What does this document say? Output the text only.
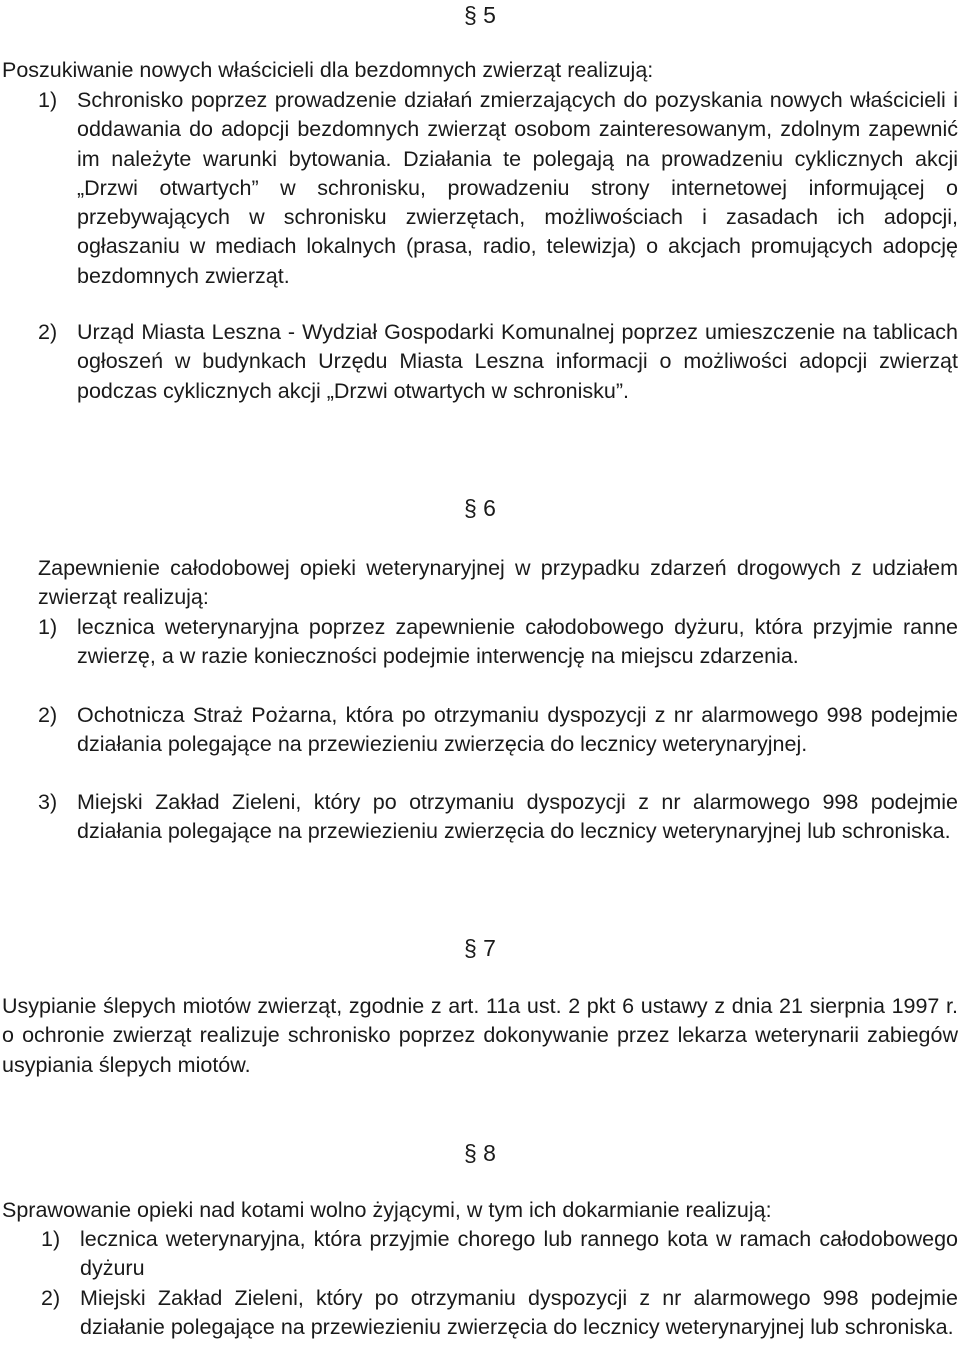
§ 5

Poszukiwanie nowych właścicieli dla bezdomnych zwierząt realizują:

1) Schronisko poprzez prowadzenie działań zmierzających do pozyskania nowych właścicieli i oddawania do adopcji bezdomnych zwierząt osobom zainteresowanym, zdolnym zapewnić im należyte warunki bytowania. Działania te polegają na prowadzeniu cyklicznych akcji „Drzwi otwartych” w schronisku, prowadzeniu strony internetowej informującej o przebywających w schronisku zwierzętach, możliwościach i zasadach ich adopcji, ogłaszaniu w mediach lokalnych (prasa, radio, telewizja) o akcjach promujących adopcję bezdomnych zwierząt.
2) Urząd Miasta Leszna - Wydział Gospodarki Komunalnej poprzez umieszczenie na tablicach ogłoszeń w budynkach Urzędu Miasta Leszna informacji o możliwości adopcji zwierząt podczas cyklicznych akcji „Drzwi otwartych w schronisku”.
§ 6

Zapewnienie całodobowej opieki weterynaryjnej w przypadku zdarzeń drogowych z udziałem zwierząt realizują:

1) lecznica weterynaryjna poprzez zapewnienie całodobowego dyżuru, która przyjmie ranne zwierzę, a w razie konieczności podejmie interwencję na miejscu zdarzenia.
2) Ochotnicza Straż Pożarna, która po otrzymaniu dyspozycji z nr alarmowego 998 podejmie działania polegające na przewiezieniu zwierzęcia do lecznicy weterynaryjnej.
3) Miejski Zakład Zieleni, który po otrzymaniu dyspozycji z nr alarmowego 998 podejmie działania polegające na przewiezieniu zwierzęcia do lecznicy weterynaryjnej lub schroniska.
§ 7

Usypianie ślepych miotów zwierząt, zgodnie z art. 11a ust. 2 pkt 6 ustawy z dnia 21 sierpnia 1997 r. o ochronie zwierząt realizuje schronisko poprzez dokonywanie przez lekarza weterynarii zabiegów usypiania ślepych miotów.

§ 8

Sprawowanie opieki nad kotami wolno żyjącymi, w tym ich dokarmianie realizują:

1) lecznica weterynaryjna, która przyjmie chorego lub rannego kota w ramach całodobowego dyżuru
2) Miejski Zakład Zieleni, który po otrzymaniu dyspozycji z nr alarmowego 998 podejmie działanie polegające na przewiezieniu zwierzęcia do lecznicy weterynaryjnej lub schroniska.
